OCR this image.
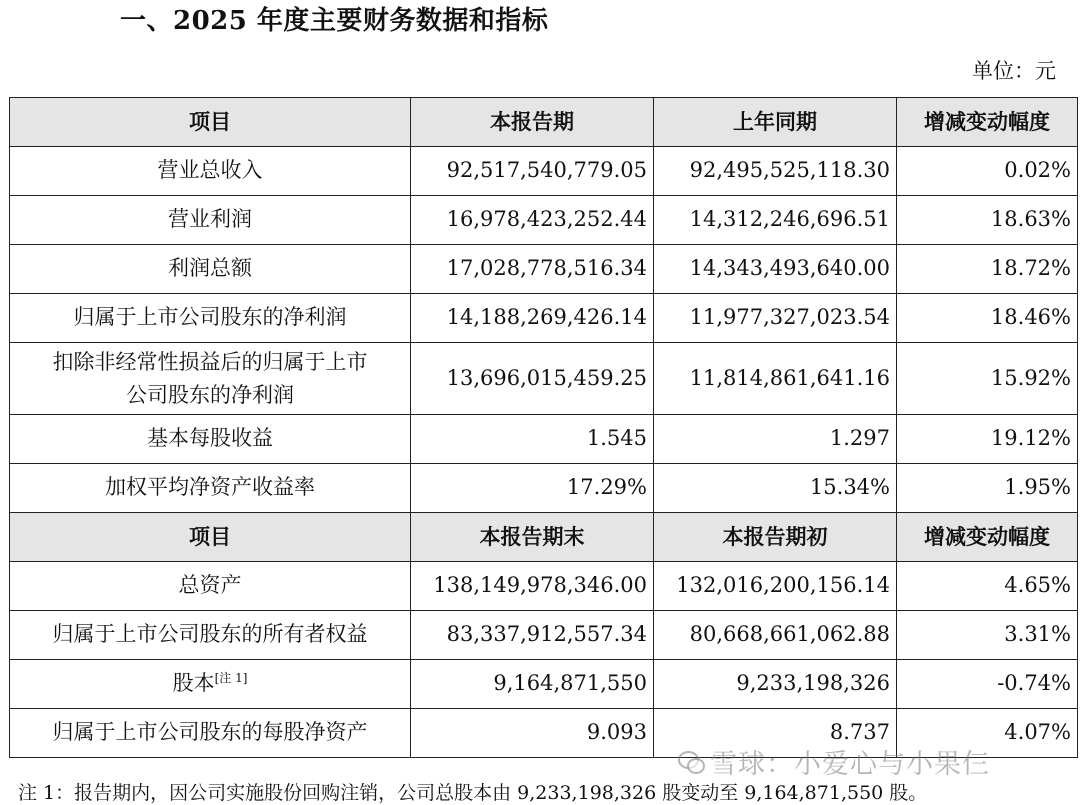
一、2025 年度主要财务数据和指标
单位：元
项目	本报告期	上年同期	增减变动幅度
营业总收入	92,517,540,779.05	92,495,525,118.30	0.02%
营业利润	16,978,423,252.44	14,312,246,696.51	18.63%
利润总额	17,028,778,516.34	14,343,493,640.00	18.72%
归属于上市公司股东的净利润	14,188,269,426.14	11,977,327,023.54	18.46%

扣除非经常性损益后的归属于上市
公司股东的净利润	13,696,015,459.25	11,814,861,641.16	15.92%
基本每股收益	1.545	1.297	19.12%
加权平均净资产收益率	17.29%	15.34%	1.95%
项目	本报告期末	本报告期初	增减变动幅度
总资产	138,149,978,346.00	132,016,200,156.14	4.65%
归属于上市公司股东的所有者权益	83,337,912,557.34	80,668,661,062.88	3.31%
股本[注 1]	9,164,871,550	9,233,198,326	-0.74%
归属于上市公司股东的每股净资产	9.093	8.737	4.07%
雪球：小爱心与小果仨
注 1：报告期内，因公司实施股份回购注销，公司总股本由 9,233,198,326 股变动至 9,164,871,550 股。
